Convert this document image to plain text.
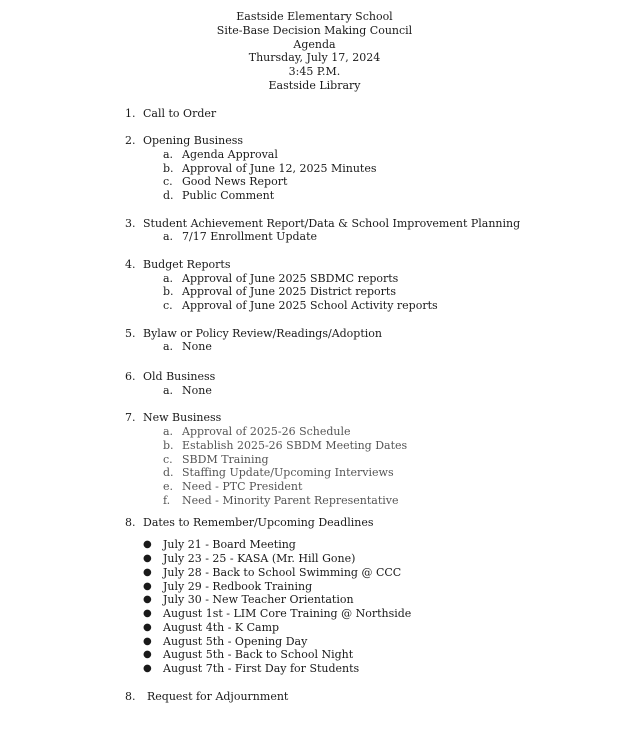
Eastside Elementary School
Site-Base Decision Making Council
Agenda
Thursday, July 17, 2024
3:45 P.M.
Eastside Library
1. Call to Order
2. Opening Business
a. Agenda Approval
b. Approval of June 12, 2025 Minutes
c. Good News Report
d. Public Comment
3. Student Achievement Report/Data & School Improvement Planning
a. 7/17 Enrollment Update
4. Budget Reports
a. Approval of June 2025 SBDMC reports
b. Approval of June 2025 District reports
c. Approval of June 2025 School Activity reports
5. Bylaw or Policy Review/Readings/Adoption
a. None
6. Old Business
a. None
7. New Business
a. Approval of 2025-26 Schedule
b. Establish 2025-26 SBDM Meeting Dates
c. SBDM Training
d. Staffing Update/Upcoming Interviews
e. Need - PTC President
f. Need - Minority Parent Representative
8. Dates to Remember/Upcoming Deadlines
● July 21 - Board Meeting
● July 23 - 25 - KASA (Mr. Hill Gone)
● July 28 - Back to School Swimming @ CCC
● July 29 - Redbook Training
● July 30 - New Teacher Orientation
● August 1st - LIM Core Training @ Northside
● August 4th - K Camp
● August 5th - Opening Day
● August 5th - Back to School Night
● August 7th - First Day for Students
8. Request for Adjournment
